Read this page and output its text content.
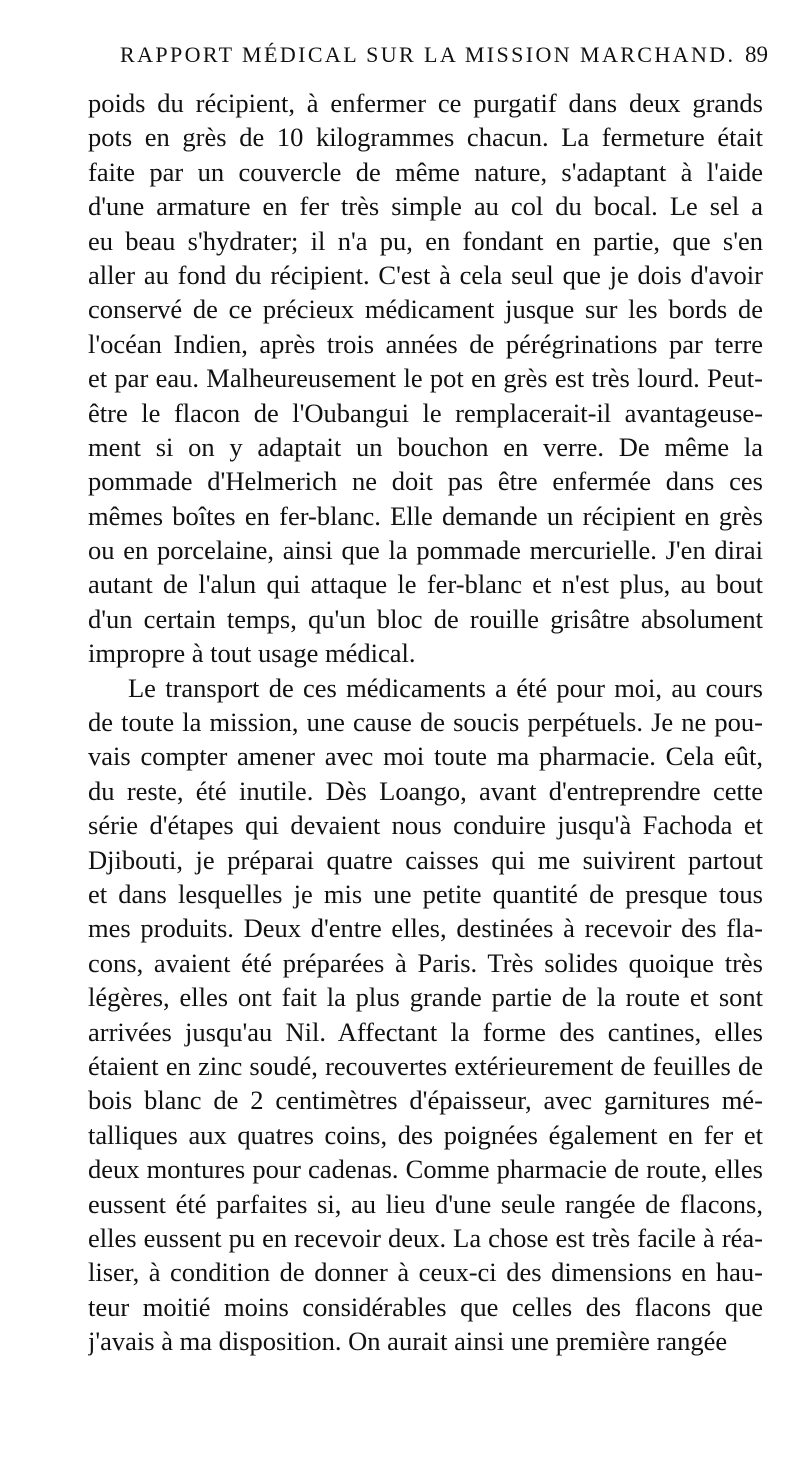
RAPPORT MÉDICAL SUR LA MISSION MARCHAND. 89
poids du récipient, à enfermer ce purgatif dans deux grands
pots en grès de 10 kilogrammes chacun. La fermeture était
faite par un couvercle de même nature, s'adaptant à l'aide
d'une armature en fer très simple au col du bocal. Le sel a
eu beau s'hydrater; il n'a pu, en fondant en partie, que s'en
aller au fond du récipient. C'est à cela seul que je dois d'avoir
conservé de ce précieux médicament jusque sur les bords de
l'océan Indien, après trois années de pérégrinations par terre
et par eau. Malheureusement le pot en grès est très lourd. Peut-
être le flacon de l'Oubangui le remplacerait-il avantageuse-
ment si on y adaptait un bouchon en verre. De même la
pommade d'Helmerich ne doit pas être enfermée dans ces
mêmes boîtes en fer-blanc. Elle demande un récipient en grès
ou en porcelaine, ainsi que la pommade mercurielle. J'en dirai
autant de l'alun qui attaque le fer-blanc et n'est plus, au bout
d'un certain temps, qu'un bloc de rouille grisâtre absolument
impropre à tout usage médical.
Le transport de ces médicaments a été pour moi, au cours
de toute la mission, une cause de soucis perpétuels. Je ne pou-
vais compter amener avec moi toute ma pharmacie. Cela eût,
du reste, été inutile. Dès Loango, avant d'entreprendre cette
série d'étapes qui devaient nous conduire jusqu'à Fachoda et
Djibouti, je préparai quatre caisses qui me suivirent partout
et dans lesquelles je mis une petite quantité de presque tous
mes produits. Deux d'entre elles, destinées à recevoir des fla-
cons, avaient été préparées à Paris. Très solides quoique très
légères, elles ont fait la plus grande partie de la route et sont
arrivées jusqu'au Nil. Affectant la forme des cantines, elles
étaient en zinc soudé, recouvertes extérieurement de feuilles de
bois blanc de 2 centimètres d'épaisseur, avec garnitures mé-
talliques aux quatres coins, des poignées également en fer et
deux montures pour cadenas. Comme pharmacie de route, elles
eussent été parfaites si, au lieu d'une seule rangée de flacons,
elles eussent pu en recevoir deux. La chose est très facile à réa-
liser, à condition de donner à ceux-ci des dimensions en hau-
teur moitié moins considérables que celles des flacons que
j'avais à ma disposition. On aurait ainsi une première rangée
